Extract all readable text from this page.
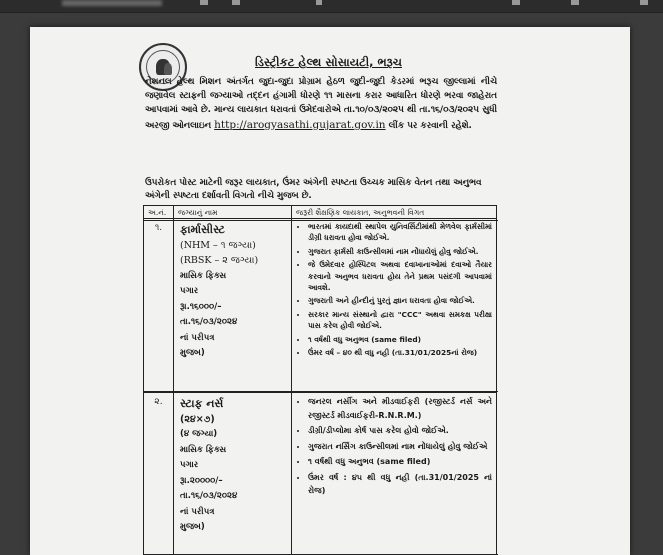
ડિસ્ટ્રીકટ હેલ્થ સોસાયટી, ભરૂચ
નેશનલ હેલ્થ મિશન અંતર્ગત જુદા-જુદા પ્રોગ્રામ હેઠળ જુદી-જુદી કેડરમાં ભરૂચ જીલ્લામાં નીચે જણાવેલ સ્ટાફની જગ્યાઓ તદ્દન હંગામી ધોરણે ૧૧ માસના કરાર આધારિત ધોરણે ભરવા જાહેરાત આપવામાં આવે છે. માન્ય લાયકાત ધરાવતાં ઉમેદવારોએ તા.૧૦/૦૩/૨૦૨૫ થી તા.૧૬/૦૩/૨૦૨૫ સુધી અરજી ઓનલાઇન http://arogyasathi.gujarat.gov.in લીંક પર કરવાની રહેશે.
ઉપરોકત પોસ્ટ માટેની જરૂર લાયકાત, ઉંમર અંગેની સ્પષ્ટતા ઉચ્ચક માસિક વેતન તથા અનુભવ અંગેની સ્પષ્ટતા દર્શાવતી વિગતો નીચે મુજબ છે.
અ.નં.	જગ્યાનું નામ	જરૂરી શૈક્ષણિક લાયકાત, અનુભવની વિગત
૧.	ફાર્માસીસ્ટ
(NHM – ૧ જગ્યા)
(RBSK – ૨ જગ્યા)
માસિક ફિક્સ
પગાર
રૂા.૧૬૦૦૦/–
તા.૧૬/૦૩/૨૦૨૪
નાં પરીપત્ર
મુજબ)
• ભારતમાં કાયદાથી સ્થાપેલ યુનિવર્સિટીમાંથી મેળવેલ ફાર્મસીમાં ડીગ્રી ધરાવતા હોવા જોઈએ.
• ગુજરાત ફાર્મસી કાઉન્સીલમાં નામ નોંધાયેલું હોવુ જોઈએ.
• જે ઉમેદવાર હોસ્પિટલ અથવા દવાખાનાઓમાં દવાઓ તૈયાર કરવાનો અનુભવ ધરાવતા હોય તેને પ્રથમ પસંદગી આપવામાં આવશે.
• ગુજરાતી અને હીન્દીનું પુરતું જ્ઞાન ધરાવતા હોવા જોઈએ.
• સરકાર માન્ય સંસ્થાનો દ્વારા "CCC" અથવા સમકક્ષ પરીક્ષા પાસ કરેલ હોવી જોઈએ.
• ૧ વર્ષથી વધુ અનુભવ (same filed)
• ઉંમર વર્ષ – ૪૦ થી વધુ નહી (તા.31/01/2025નાં રોજ)
૨.	સ્ટાફ નર્સ
(૨૪×૭)
(૪ જગ્યા)
માસિક ફિક્સ
પગાર
રૂા.૨૦૦૦૦/–
તા.૧૬/૦૩/૨૦૨૪
નાં પરીપત્ર
મુજબ)
• જનરલ નર્સીગ અને મીડવાઈફરી (રજીસ્ટર્ડ નર્સ અને રજીસ્ટર્ડ મીડવાઈફરી-R.N.R.M.)
• ડીગ્રી/ડીપ્લોમા કોર્ષ પાસ કરેલ હોવો જોઈએ.
• ગુજરાત નર્સિંગ કાઉન્સીલમાં નામ નોંધાયેલું હોવુ જોઈએ
• ૧ વર્ષથી વધુ અનુભવ (same filed)
• ઉંમર વર્ષ : ૪૫ થી વધુ નહી (તા.31/01/2025 નાં રોજ)
